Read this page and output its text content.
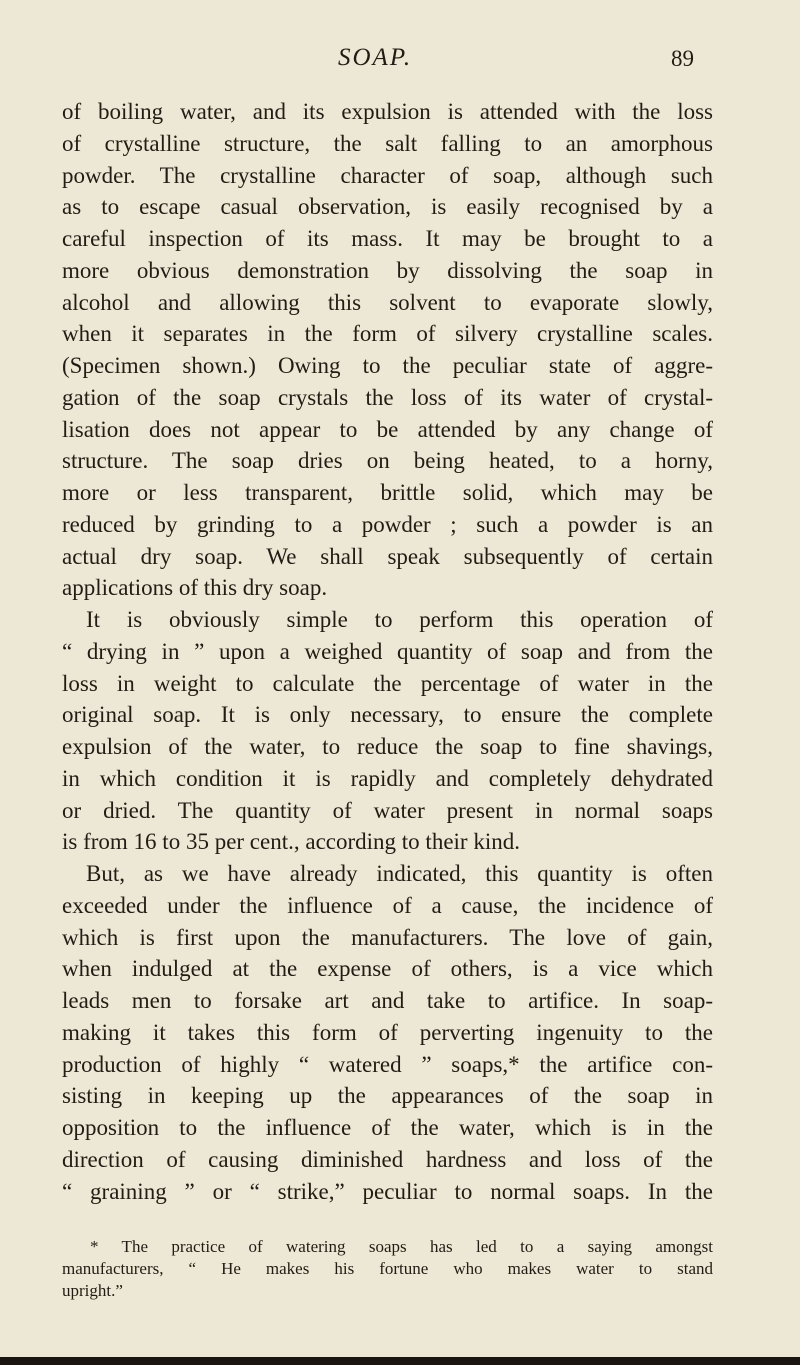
SOAP.	89
of boiling water, and its expulsion is attended with the loss
of crystalline structure, the salt falling to an amorphous
powder. The crystalline character of soap, although such
as to escape casual observation, is easily recognised by a
careful inspection of its mass. It may be brought to a
more obvious demonstration by dissolving the soap in
alcohol and allowing this solvent to evaporate slowly,
when it separates in the form of silvery crystalline scales.
(Specimen shown.) Owing to the peculiar state of aggre-
gation of the soap crystals the loss of its water of crystal-
lisation does not appear to be attended by any change of
structure. The soap dries on being heated, to a horny,
more or less transparent, brittle solid, which may be
reduced by grinding to a powder ; such a powder is an
actual dry soap. We shall speak subsequently of certain
applications of this dry soap.
It is obviously simple to perform this operation of
“ drying in ” upon a weighed quantity of soap and from the
loss in weight to calculate the percentage of water in the
original soap. It is only necessary, to ensure the complete
expulsion of the water, to reduce the soap to fine shavings,
in which condition it is rapidly and completely dehydrated
or dried. The quantity of water present in normal soaps
is from 16 to 35 per cent., according to their kind.
But, as we have already indicated, this quantity is often
exceeded under the influence of a cause, the incidence of
which is first upon the manufacturers. The love of gain,
when indulged at the expense of others, is a vice which
leads men to forsake art and take to artifice. In soap-
making it takes this form of perverting ingenuity to the
production of highly “ watered ” soaps,* the artifice con-
sisting in keeping up the appearances of the soap in
opposition to the influence of the water, which is in the
direction of causing diminished hardness and loss of the
“ graining ” or “ strike,” peculiar to normal soaps. In the
* The practice of watering soaps has led to a saying amongst
manufacturers, “ He makes his fortune who makes water to stand
upright.”
